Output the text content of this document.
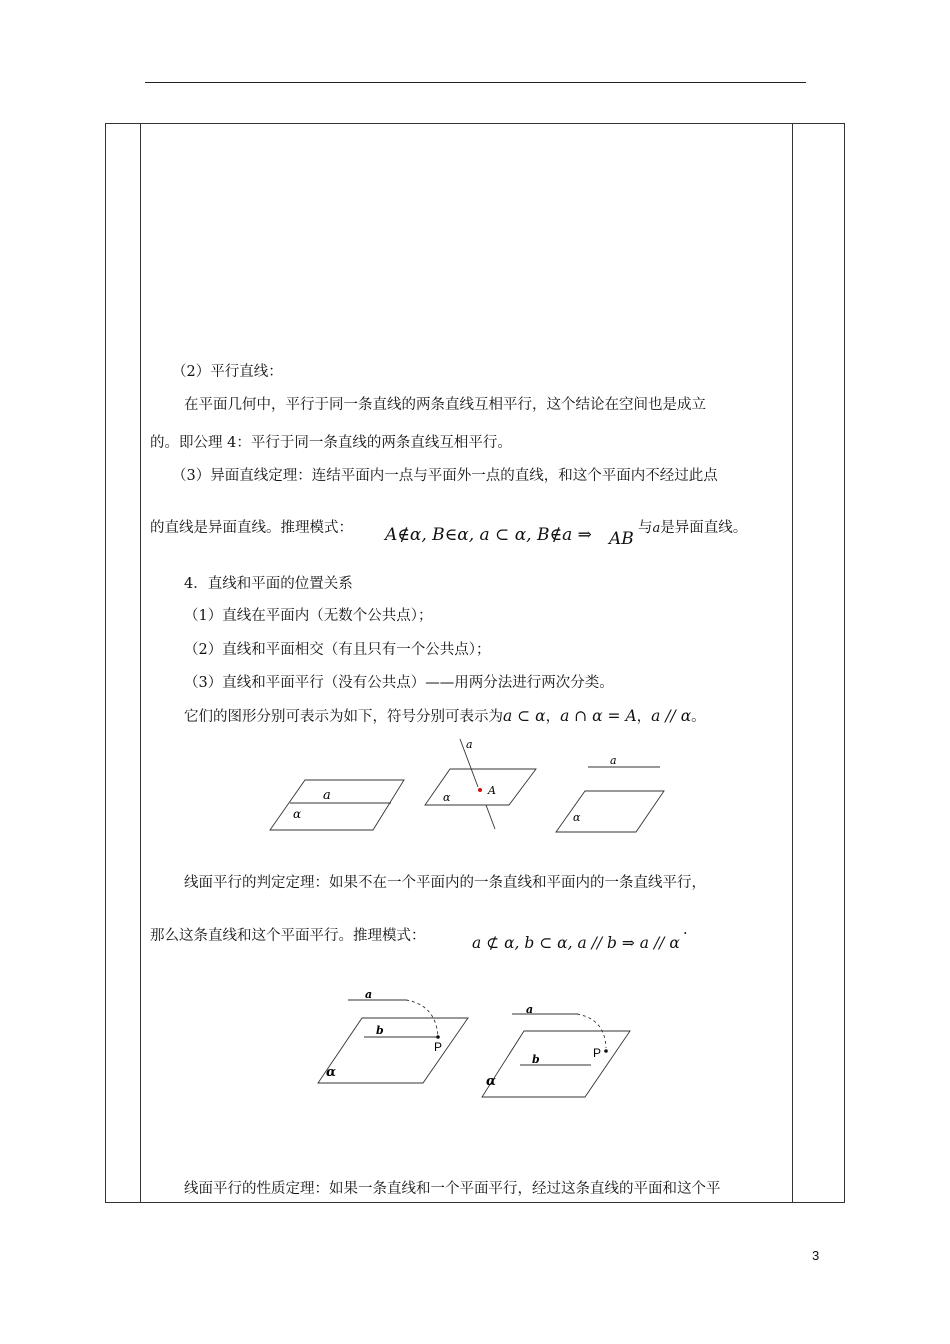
（2）平行直线：
在平面几何中，平行于同一条直线的两条直线互相平行，这个结论在空间也是成立
的。即公理 4：平行于同一条直线的两条直线互相平行。
（3）异面直线定理：连结平面内一点与平面外一点的直线，和这个平面内不经过此点
的直线是异面直线。推理模式： A∉α, B∈α, a ⊂ α, B∉a ⇒ AB
与a是异面直线。
4．直线和平面的位置关系
（1）直线在平面内（无数个公共点）；
（2）直线和平面相交（有且只有一个公共点）；
（3）直线和平面平行（没有公共点）——用两分法进行两次分类。
它们的图形分别可表示为如下，符号分别可表示为a ⊂ α，a ∩ α = A，a // α。
a
α
a
A
α
a
α
线面平行的判定定理：如果不在一个平面内的一条直线和平面内的一条直线平行，
那么这条直线和这个平面平行。推理模式：	a ⊄ α, b ⊂ α, a // b ⇒ a // α ·
a
b
P
α
a
b	P
α
线面平行的性质定理：如果一条直线和一个平面平行，经过这条直线的平面和这个平
3
